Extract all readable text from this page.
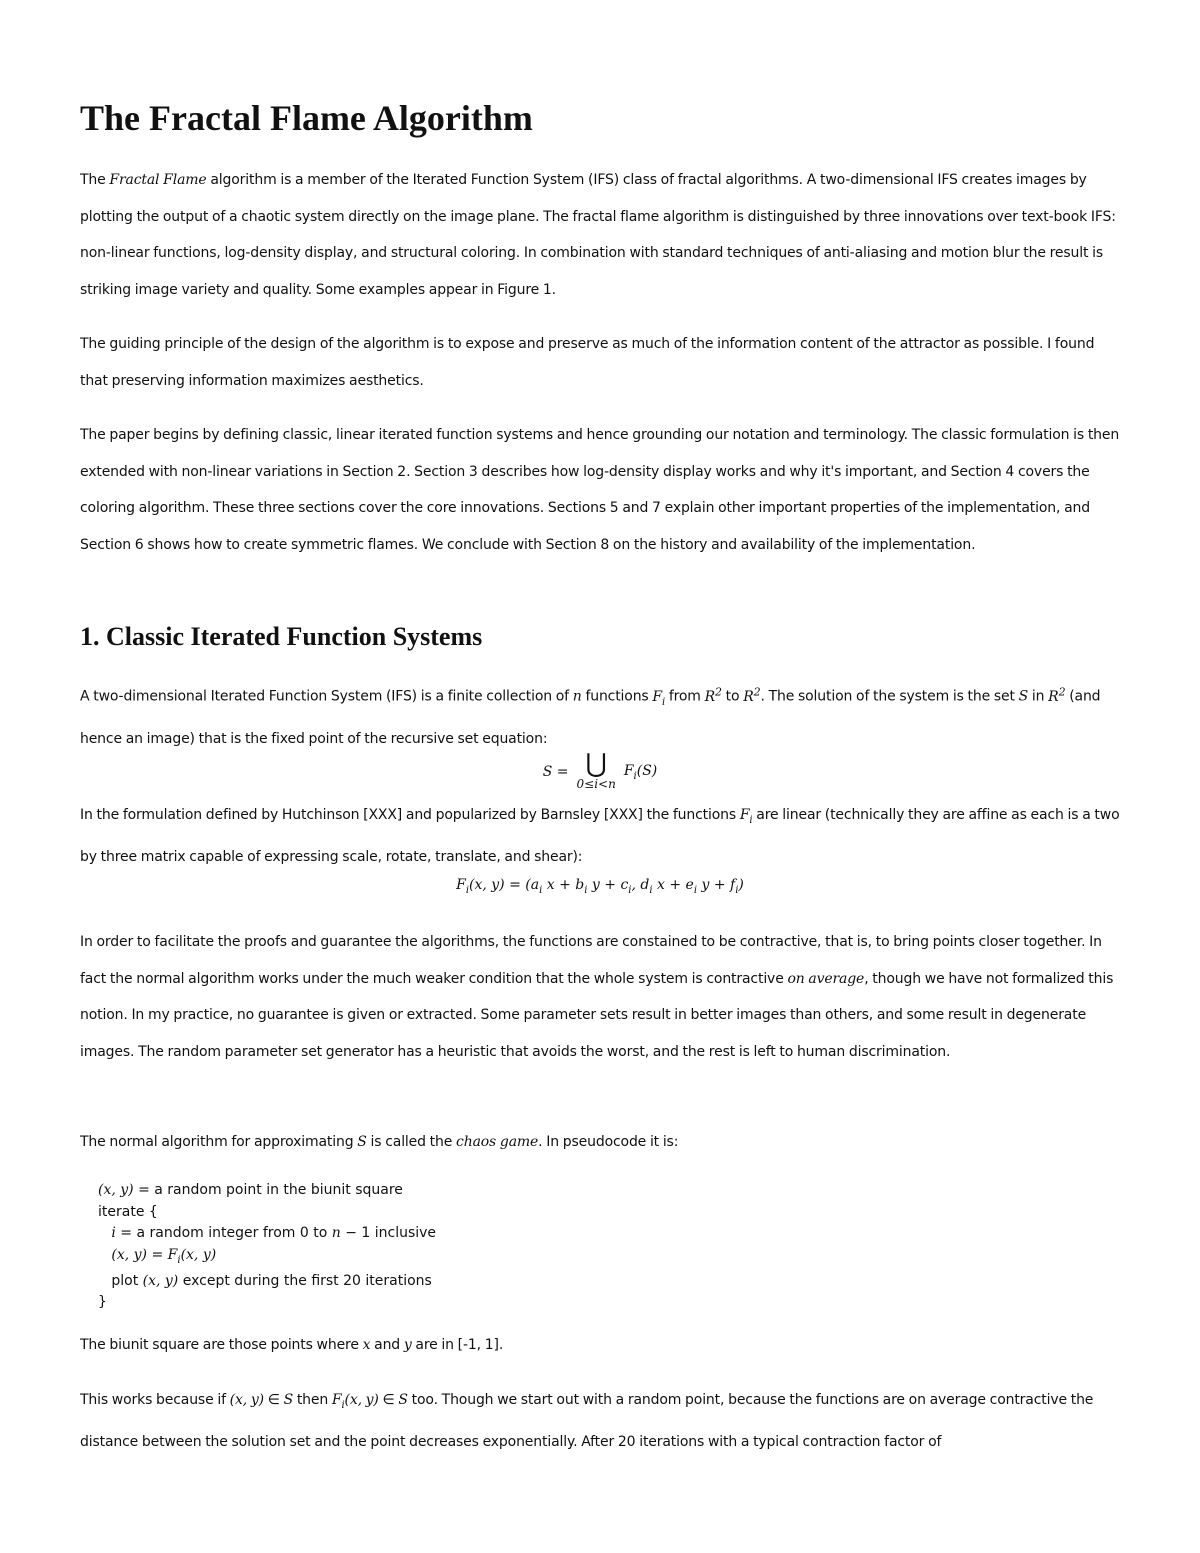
The Fractal Flame Algorithm

The Fractal Flame algorithm is a member of the Iterated Function System (IFS) class of fractal algorithms. A two-dimensional IFS creates images by plotting the output of a chaotic system directly on the image plane. The fractal flame algorithm is distinguished by three innovations over text-book IFS: non-linear functions, log-density display, and structural coloring. In combination with standard techniques of anti-aliasing and motion blur the result is striking image variety and quality. Some examples appear in Figure 1.

The guiding principle of the design of the algorithm is to expose and preserve as much of the information content of the attractor as possible. I found that preserving information maximizes aesthetics.

The paper begins by defining classic, linear iterated function systems and hence grounding our notation and terminology. The classic formulation is then extended with non-linear variations in Section 2. Section 3 describes how log-density display works and why it's important, and Section 4 covers the coloring algorithm. These three sections cover the core innovations. Sections 5 and 7 explain other important properties of the implementation, and Section 6 shows how to create symmetric flames. We conclude with Section 8 on the history and availability of the implementation.

1. Classic Iterated Function Systems

A two-dimensional Iterated Function System (IFS) is a finite collection of n functions $F_i$ from $R^2$ to $R^2$. The solution of the system is the set S in $R^2$ (and hence an image) that is the fixed point of the recursive set equation:

S = ⋃
0≤i<n
$F_i(S)$

In the formulation defined by Hutchinson [XXX] and popularized by Barnsley [XXX] the functions $F_i$ are linear (technically they are affine as each is a two by three matrix capable of expressing scale, rotate, translate, and shear):

$F_i(x$, $y) = (a_i$ $x + b_i$ $y + c_i$, $d_i$ $x + e_i$ $y + f_i$)

In order to facilitate the proofs and guarantee the algorithms, the functions are constained to be contractive, that is, to bring points closer together. In fact the normal algorithm works under the much weaker condition that the whole system is contractive on average, though we have not formalized this notion. In my practice, no guarantee is given or extracted. Some parameter sets result in better images than others, and some result in degenerate images. The random parameter set generator has a heuristic that avoids the worst, and the rest is left to human discrimination.

The normal algorithm for approximating S is called the chaos game. In pseudocode it is:

(x, y) = a random point in the biunit square
iterate {
i = a random integer from 0 to n − 1 inclusive
(x, $y) = F_i(x$, y)
plot (x, y) except during the first 20 iterations
}

The biunit square are those points where x and y are in [-1, 1].

This works because if (x, y) ∈ S then $F_i(x$, y) ∈ S too. Though we start out with a random point, because the functions are on average contractive the distance between the solution set and the point decreases exponentially. After 20 iterations with a typical contraction factor of
